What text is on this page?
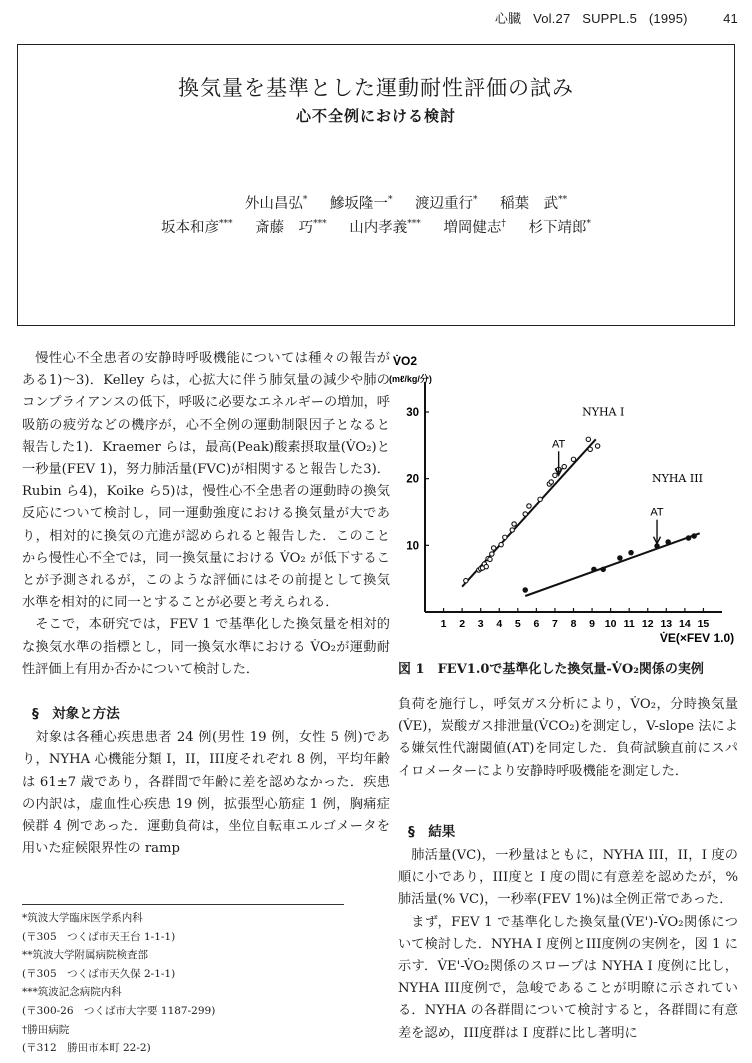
心臓 Vol.27 SUPPL.5 (1995)	41
換気量を基準とした運動耐性評価の試み
心不全例における検討
外山昌弘* 鰺坂隆一* 渡辺重行* 稲葉　武**
坂本和彦*** 斎藤　巧*** 山内孝義*** 増岡健志† 杉下靖郎*

慢性心不全患者の安静時呼吸機能については種々の報告がある1)〜3)．Kelley らは，心拡大に伴う肺気量の減少や肺のコンプライアンスの低下，呼吸に必要なエネルギーの増加，呼吸筋の疲労などの機序が，心不全例の運動制限因子となると報告した1)．Kraemer らは，最高(Peak)酸素摂取量(V̇O₂)と一秒量(FEV 1)，努力肺活量(FVC)が相関すると報告した3)．Rubin ら4)，Koike ら5)は，慢性心不全患者の運動時の換気反応について検討し，同一運動強度における換気量が大であり，相対的に換気の亢進が認められると報告した．このことから慢性心不全では，同一換気量における V̇O₂ が低下することが予測されるが，このような評価にはその前提として換気水準を相対的に同一とすることが必要と考えられる．

そこで，本研究では，FEV 1 で基準化した換気量を相対的な換気水準の指標とし，同一換気水準における V̇O₂が運動耐性評価上有用か否かについて検討した．

§　対象と方法

対象は各種心疾患患者 24 例(男性 19 例，女性 5 例)であり，NYHA 心機能分類 I，II，III度それぞれ 8 例，平均年齢は 61±7 歳であり，各群間で年齢に差を認めなかった．疾患の内訳は，虚血性心疾患 19 例，拡張型心筋症 1 例，胸痛症候群 4 例であった．運動負荷は，坐位自転車エルゴメータを用いた症候限界性の ramp

*筑波大学臨床医学系内科
(〒305　つくば市天王台 1-1-1)
**筑波大学附属病院検査部
(〒305　つくば市天久保 2-1-1)
***筑波記念病院内科
(〒300-26　つくば市大字要 1187-299)
†勝田病院
(〒312　勝田市本町 22-2)
V̇O2
(mℓ/kg/分)
1 2 3 4 5 6 7 8 9 10 11 12 13 14 15
10
20
30
AT
NYHA I
AT
NYHA III
V̇E(×FEV 1.0)
図 1　FEV1.0で基準化した換気量-V̇O₂関係の実例

負荷を施行し，呼気ガス分析により，V̇O₂，分時換気量(V̇E)，炭酸ガス排泄量(V̇CO₂)を測定し，V-slope 法による嫌気性代謝閾値(AT)を同定した．負荷試験直前にスパイロメーターにより安静時呼吸機能を測定した．

§　結果

肺活量(VC)，一秒量はともに，NYHA III，II，I 度の順に小であり，III度と I 度の間に有意差を認めたが，%肺活量(% VC)，一秒率(FEV 1%)は全例正常であった．

まず，FEV 1 で基準化した換気量(V̇E')-V̇O₂関係について検討した．NYHA I 度例とIII度例の実例を，図 1 に示す．V̇E'-V̇O₂関係のスロープは NYHA I 度例に比し，NYHA III度例で，急峻であることが明瞭に示されている．NYHA の各群間について検討すると，各群間に有意差を認め，III度群は I 度群に比し著明に
